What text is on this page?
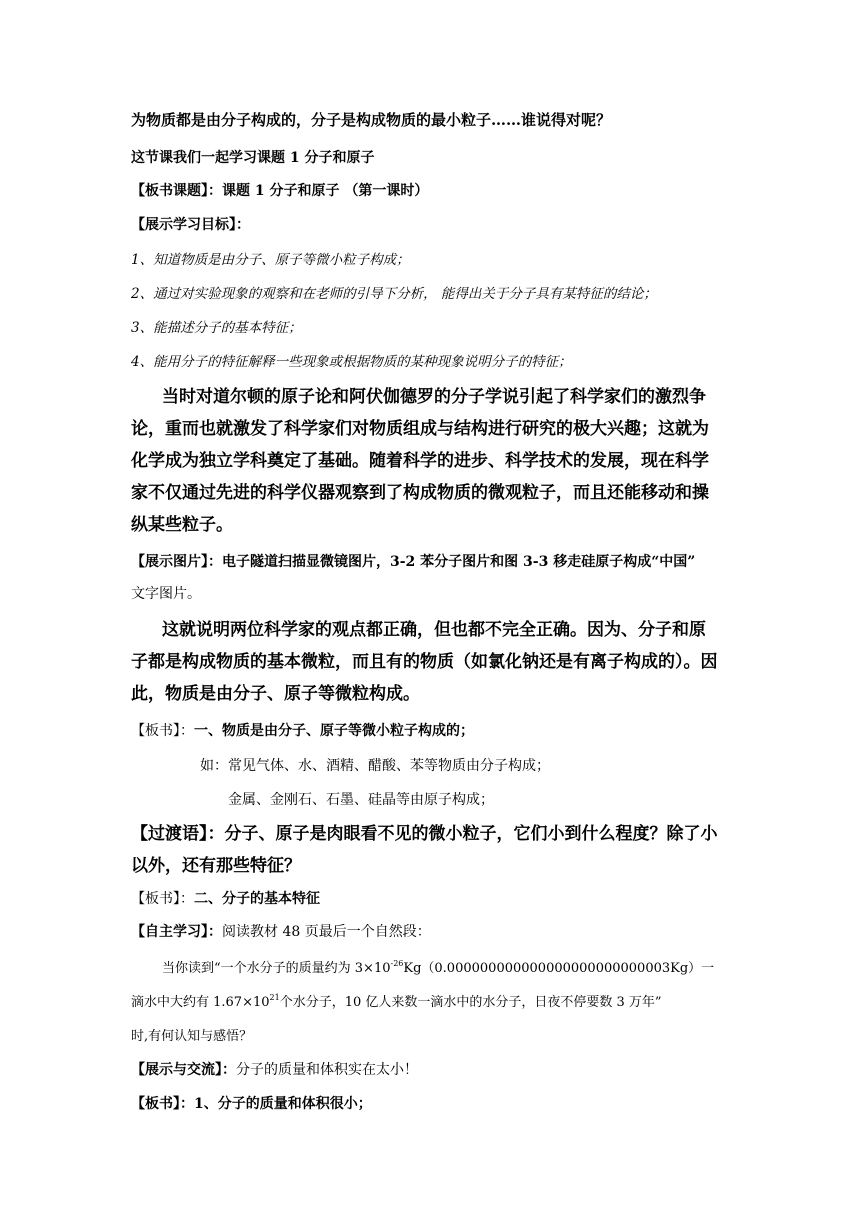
为物质都是由分子构成的，分子是构成物质的最小粒子……谁说得对呢？
这节课我们一起学习课题 1 分子和原子
【板书课题】：课题 1 分子和原子 （第一课时）
【展示学习目标】：
1、知道物质是由分子、原子等微小粒子构成；
2、通过对实验现象的观察和在老师的引导下分析， 能得出关于分子具有某特征的结论；
3、能描述分子的基本特征；
4、能用分子的特征解释一些现象或根据物质的某种现象说明分子的特征；
当时对道尔顿的原子论和阿伏伽德罗的分子学说引起了科学家们的激烈争
论，重而也就激发了科学家们对物质组成与结构进行研究的极大兴趣；这就为
化学成为独立学科奠定了基础。随着科学的进步、科学技术的发展，现在科学
家不仅通过先进的科学仪器观察到了构成物质的微观粒子，而且还能移动和操
纵某些粒子。
【展示图片】：电子隧道扫描显微镜图片，3-2 苯分子图片和图 3-3 移走硅原子构成“中国”
文字图片。
这就说明两位科学家的观点都正确，但也都不完全正确。因为、分子和原
子都是构成物质的基本微粒，而且有的物质（如氯化钠还是有离子构成的）。因
此，物质是由分子、原子等微粒构成。
【板书】：一、物质是由分子、原子等微小粒子构成的；
如：常见气体、水、酒精、醋酸、苯等物质由分子构成；
金属、金刚石、石墨、硅晶等由原子构成；
【过渡语】：分子、原子是肉眼看不见的微小粒子，它们小到什么程度？除了小
以外，还有那些特征？
【板书】：二、分子的基本特征
【自主学习】：阅读教材 48 页最后一个自然段：
当你读到“一个水分子的质量约为 $3\times 10^{-26}Kg(0.000000000000000000000000003Kg)$一
滴水中大约有 $1.67\times 10^{21}$个水分子，10 亿人来数一滴水中的水分子，日夜不停要数 3 万年”
时,有何认知与感悟？
【展示与交流】：分子的质量和体积实在太小！
【板书】：1、分子的质量和体积很小；
